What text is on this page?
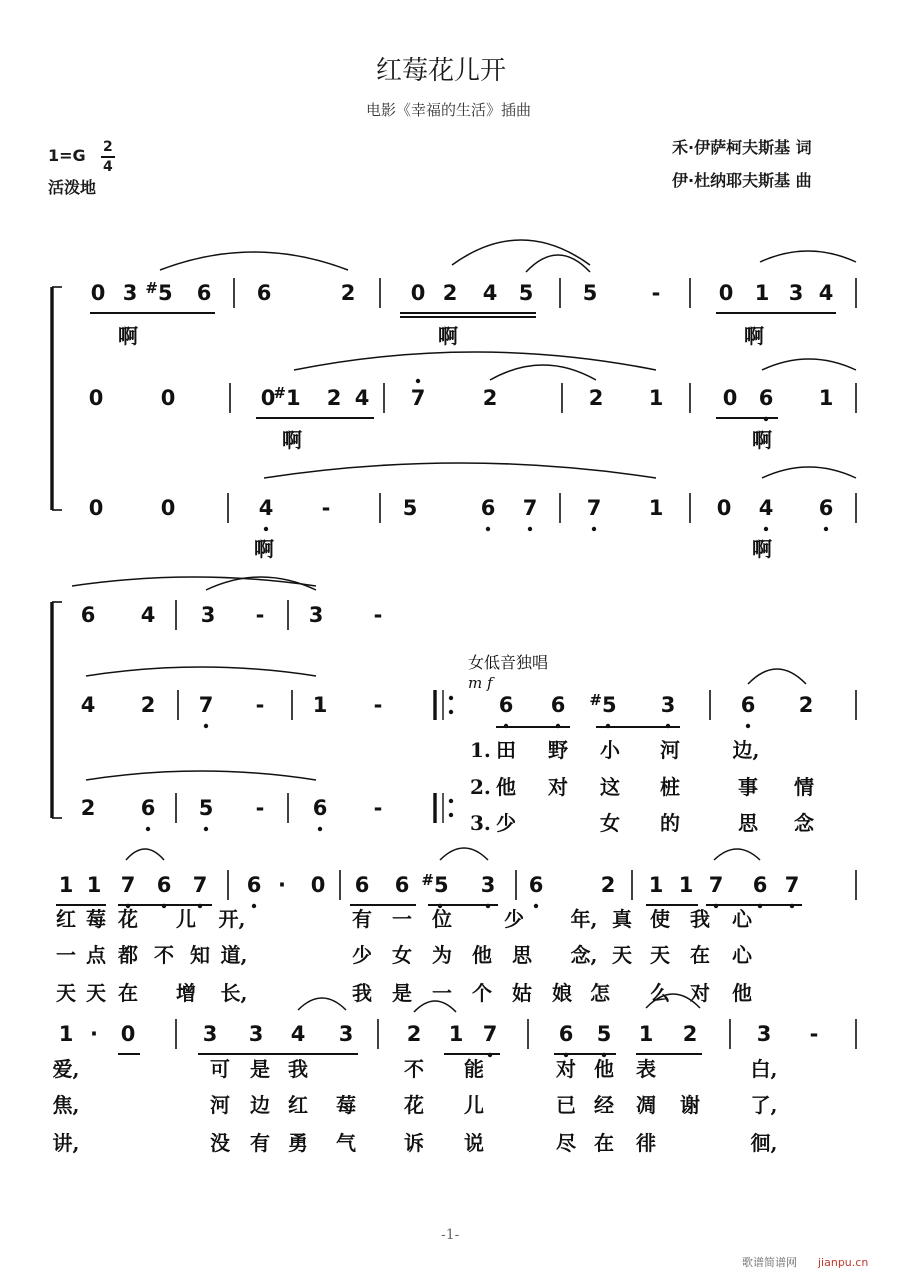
红莓花儿开
电影《幸福的生活》插曲
1=G 2
4
活泼地
禾·伊萨柯夫斯基 词
伊·杜纳耶夫斯基 曲
0 3 #5 6 6	2	0 2 4 5 5	-	0 1 3 4
0	0	0
#1 2 4 7	2	2 1	0 6 1
0	0	4 -	5	6 7 7 1	0 4 6
啊	啊	啊
啊	啊
啊	啊
6 4 3 - 3 -
4 2 7 - 1 -	6 6 #5 3	6 2
2 6 5 - 6 -
女低音独唱
m f
1. 田 野 小 河	边,
2. 他 对 这 桩	事 情
3. 少	女 的	思 念
1 1 7 6 7 6 · 0 6 6 #5 3 6	2 1 1 7 6 7
红 莓 花 儿 开,	有 一 位	少 年, 真 使 我 心
一 点 都 不 知 道,	少 女 为 他 思 念, 天 天 在 心
天 天 在 增 长,	我 是 一 个 姑 娘 怎 么 对 他
1 · 0	3 3 4 3	2 1 7	6 5 1 2	3 -
爱,	可 是 我	不 能	对 他 表	白,
焦,	河 边 红 莓 花 儿	已 经 凋 谢	了,
讲,	没 有 勇 气 诉 说	尽 在 徘	徊,
-1-
歌谱简谱网 jianpu.cn
